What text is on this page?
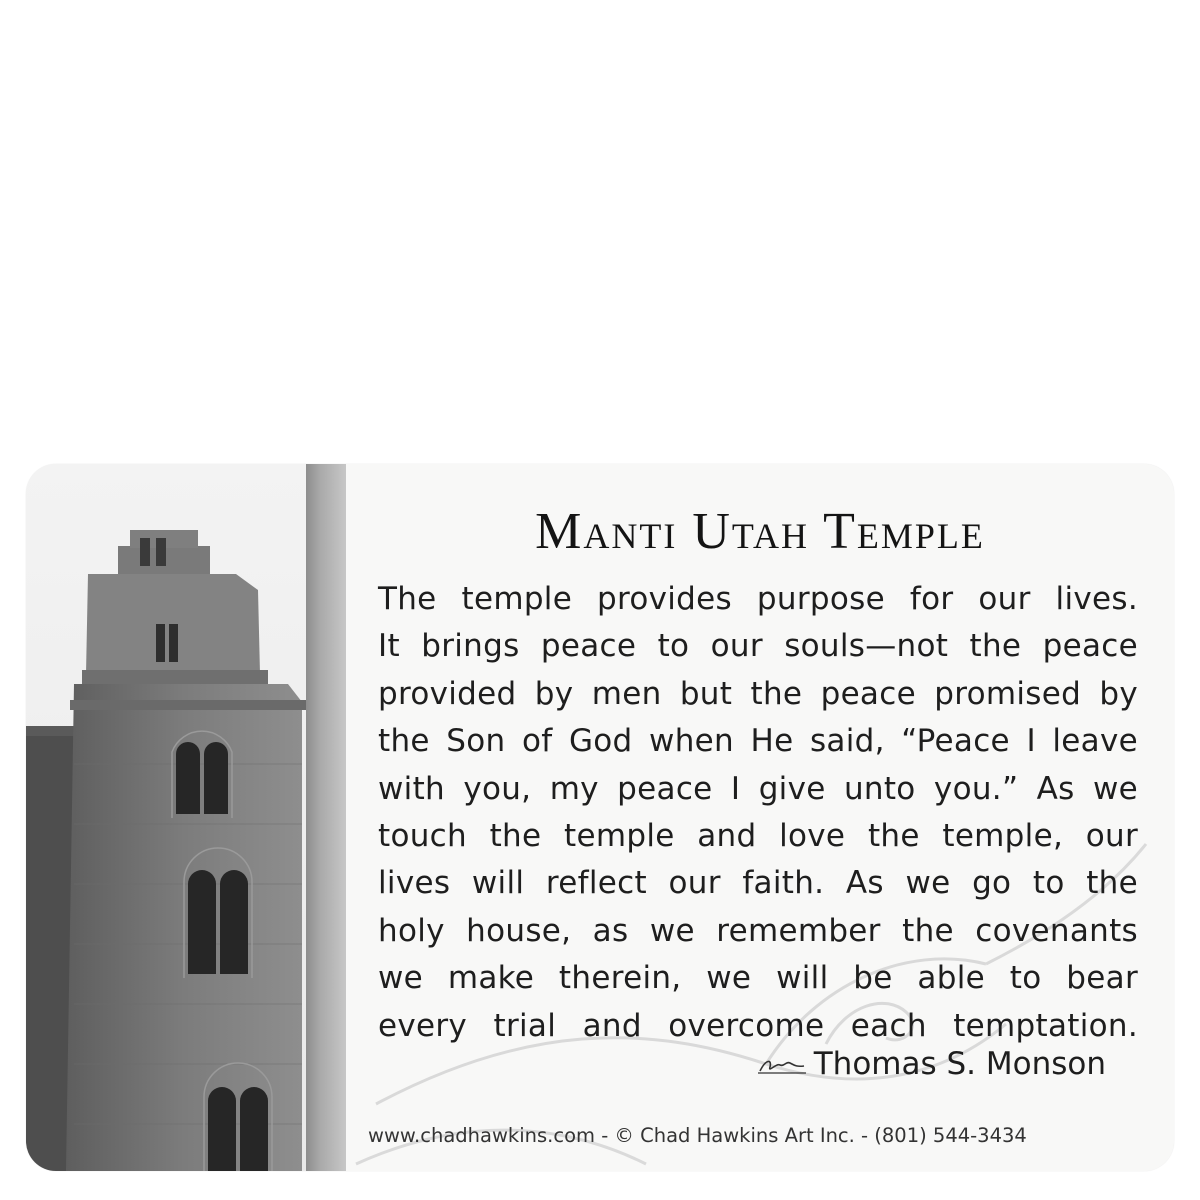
Manti Utah Temple
The temple provides purpose for our lives.
It brings peace to our souls—not the peace
provided by men but the peace promised by
the Son of God when He said, “Peace I leave
with you, my peace I give unto you.” As we
touch the temple and love the temple, our
lives will reflect our faith. As we go to the
holy house, as we remember the covenants
we make therein, we will be able to bear
every trial and overcome each temptation.
Thomas S. Monson
www.chadhawkins.com - © Chad Hawkins Art Inc. - (801) 544-3434
